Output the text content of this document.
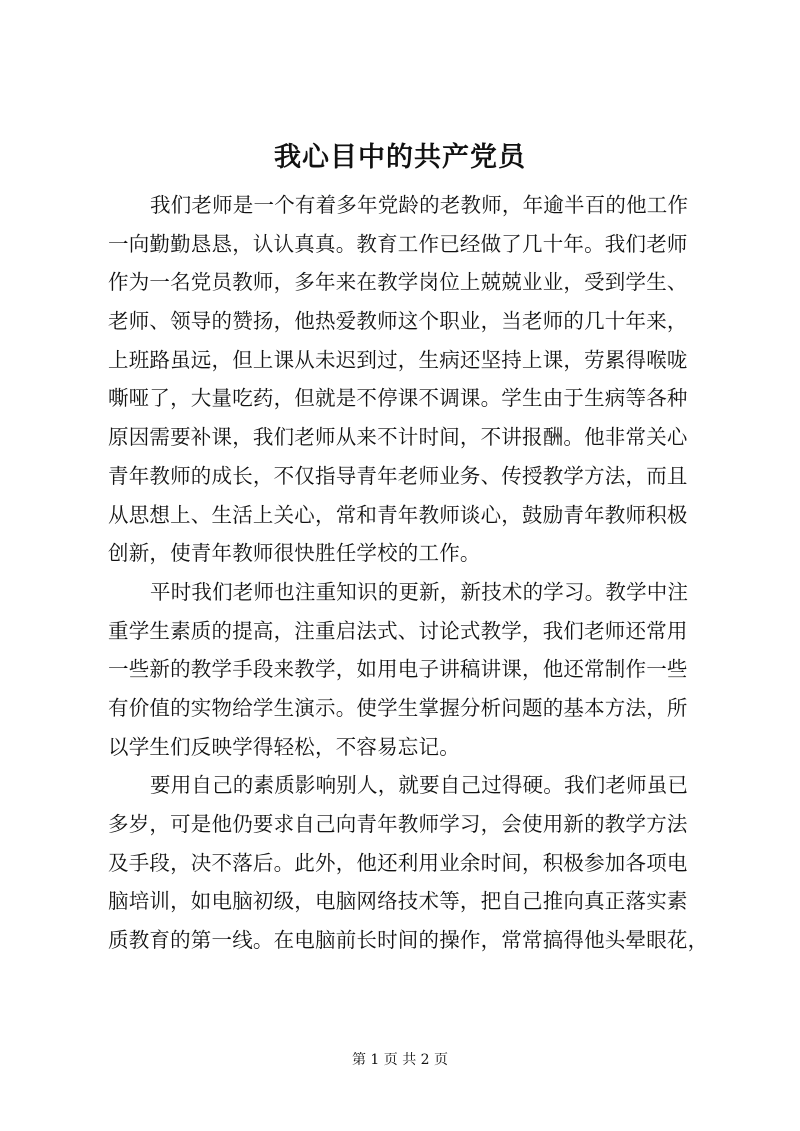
我心目中的共产党员
我们老师是一个有着多年党龄的老教师，年逾半百的他工作
一向勤勤恳恳，认认真真。教育工作已经做了几十年。我们老师
作为一名党员教师，多年来在教学岗位上兢兢业业，受到学生、
老师、领导的赞扬，他热爱教师这个职业，当老师的几十年来，
上班路虽远，但上课从未迟到过，生病还坚持上课，劳累得喉咙
嘶哑了，大量吃药，但就是不停课不调课。学生由于生病等各种
原因需要补课，我们老师从来不计时间，不讲报酬。他非常关心
青年教师的成长，不仅指导青年老师业务、传授教学方法，而且
从思想上、生活上关心，常和青年教师谈心，鼓励青年教师积极
创新，使青年教师很快胜任学校的工作。
平时我们老师也注重知识的更新，新技术的学习。教学中注
重学生素质的提高，注重启法式、讨论式教学，我们老师还常用
一些新的教学手段来教学，如用电子讲稿讲课，他还常制作一些
有价值的实物给学生演示。使学生掌握分析问题的基本方法，所
以学生们反映学得轻松，不容易忘记。
要用自己的素质影响别人，就要自己过得硬。我们老师虽已
多岁，可是他仍要求自己向青年教师学习，会使用新的教学方法
及手段，决不落后。此外，他还利用业余时间，积极参加各项电
脑培训，如电脑初级，电脑网络技术等，把自己推向真正落实素
质教育的第一线。在电脑前长时间的操作，常常搞得他头晕眼花，
第 1 页 共 2 页
